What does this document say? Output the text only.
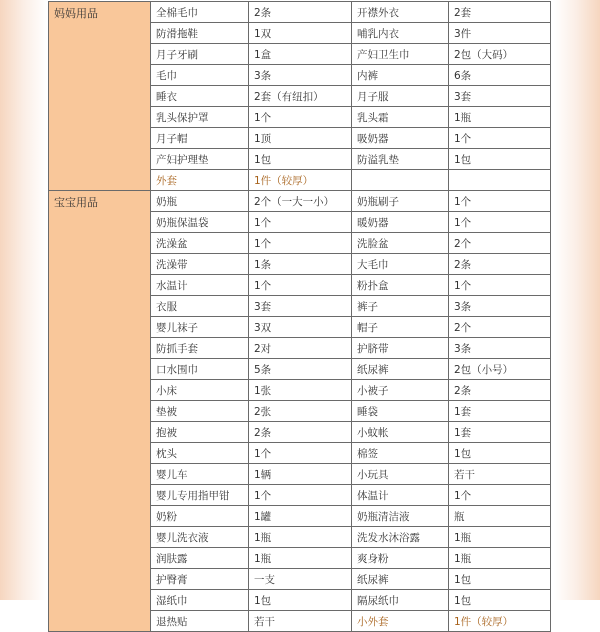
妈妈用品	全棉毛巾	2条	开襟外衣	2套
	防滑拖鞋	1双	哺乳内衣	3件
	月子牙刷	1盒	产妇卫生巾	2包（大码）
	毛巾	3条	内裤	6条
	睡衣	2套（有纽扣）	月子服	3套
	乳头保护罩	1个	乳头霜	1瓶
	月子帽	1顶	吸奶器	1个
	产妇护理垫	1包	防溢乳垫	1包
	外套	1件（较厚）		
宝宝用品	奶瓶	2个（一大一小）	奶瓶刷子	1个
	奶瓶保温袋	1个	暖奶器	1个
	洗澡盆	1个	洗脸盆	2个
	洗澡带	1条	大毛巾	2条
	水温计	1个	粉扑盒	1个
	衣服	3套	裤子	3条
	婴儿袜子	3双	帽子	2个
	防抓手套	2对	护脐带	3条
	口水围巾	5条	纸尿裤	2包（小号）
	小床	1张	小被子	2条
	垫被	2张	睡袋	1套
	抱被	2条	小蚊帐	1套
	枕头	1个	棉签	1包
	婴儿车	1辆	小玩具	若干
	婴儿专用指甲钳	1个	体温计	1个
	奶粉	1罐	奶瓶清洁液	瓶
	婴儿洗衣液	1瓶	洗发水沐浴露	1瓶
	润肤露	1瓶	爽身粉	1瓶
	护臀膏	一支	纸尿裤	1包
	湿纸巾	1包	隔尿纸巾	1包
	退热贴	若干	小外套	1件（较厚）
